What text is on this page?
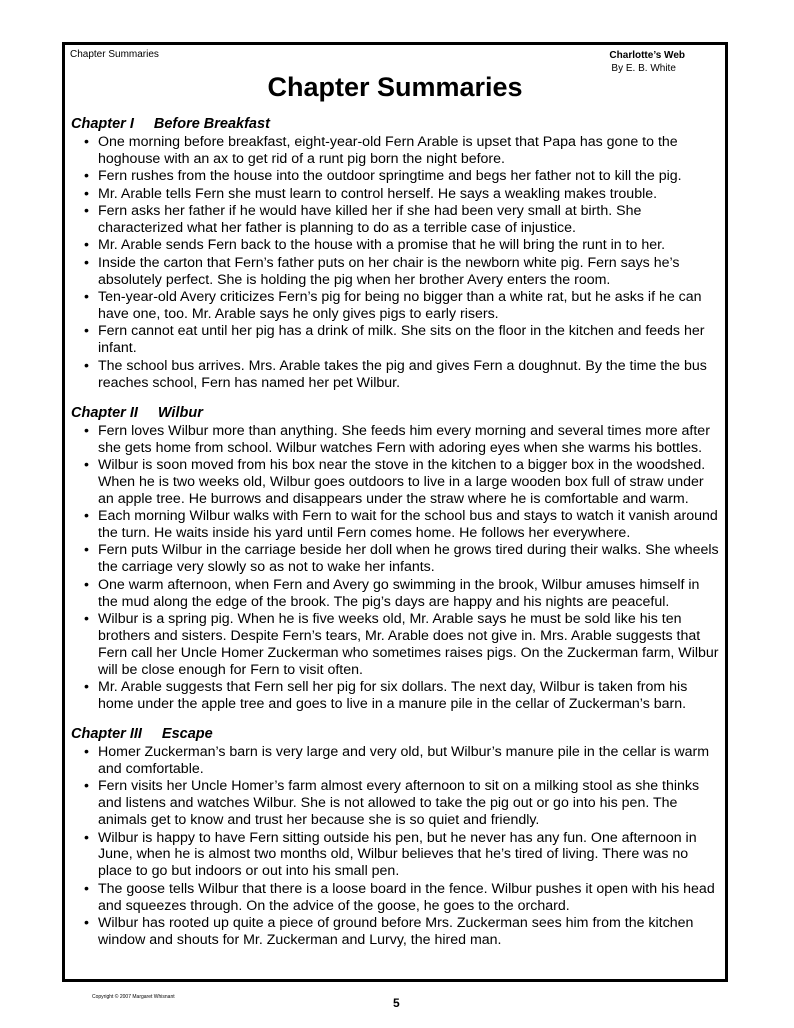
Chapter Summaries	Charlotte’s Web
By E. B. White
Chapter Summaries
Chapter I Before Breakfast
• One morning before breakfast, eight-year-old Fern Arable is upset that Papa has gone to the hoghouse with an ax to get rid of a runt pig born the night before.
• Fern rushes from the house into the outdoor springtime and begs her father not to kill the pig.
• Mr. Arable tells Fern she must learn to control herself. He says a weakling makes trouble.
• Fern asks her father if he would have killed her if she had been very small at birth. She characterized what her father is planning to do as a terrible case of injustice.
• Mr. Arable sends Fern back to the house with a promise that he will bring the runt in to her.
• Inside the carton that Fern’s father puts on her chair is the newborn white pig. Fern says he’s absolutely perfect. She is holding the pig when her brother Avery enters the room.
• Ten-year-old Avery criticizes Fern’s pig for being no bigger than a white rat, but he asks if he can have one, too. Mr. Arable says he only gives pigs to early risers.
• Fern cannot eat until her pig has a drink of milk. She sits on the floor in the kitchen and feeds her infant.
• The school bus arrives. Mrs. Arable takes the pig and gives Fern a doughnut. By the time the bus reaches school, Fern has named her pet Wilbur.
Chapter II Wilbur
• Fern loves Wilbur more than anything. She feeds him every morning and several times more after she gets home from school. Wilbur watches Fern with adoring eyes when she warms his bottles.
• Wilbur is soon moved from his box near the stove in the kitchen to a bigger box in the woodshed. When he is two weeks old, Wilbur goes outdoors to live in a large wooden box full of straw under an apple tree. He burrows and disappears under the straw where he is comfortable and warm.
• Each morning Wilbur walks with Fern to wait for the school bus and stays to watch it vanish around the turn. He waits inside his yard until Fern comes home. He follows her everywhere.
• Fern puts Wilbur in the carriage beside her doll when he grows tired during their walks. She wheels the carriage very slowly so as not to wake her infants.
• One warm afternoon, when Fern and Avery go swimming in the brook, Wilbur amuses himself in the mud along the edge of the brook. The pig’s days are happy and his nights are peaceful.
• Wilbur is a spring pig. When he is five weeks old, Mr. Arable says he must be sold like his ten brothers and sisters. Despite Fern’s tears, Mr. Arable does not give in. Mrs. Arable suggests that Fern call her Uncle Homer Zuckerman who sometimes raises pigs. On the Zuckerman farm, Wilbur will be close enough for Fern to visit often.
• Mr. Arable suggests that Fern sell her pig for six dollars. The next day, Wilbur is taken from his home under the apple tree and goes to live in a manure pile in the cellar of Zuckerman’s barn.
Chapter III Escape
• Homer Zuckerman’s barn is very large and very old, but Wilbur’s manure pile in the cellar is warm and comfortable.
• Fern visits her Uncle Homer’s farm almost every afternoon to sit on a milking stool as she thinks and listens and watches Wilbur. She is not allowed to take the pig out or go into his pen. The animals get to know and trust her because she is so quiet and friendly.
• Wilbur is happy to have Fern sitting outside his pen, but he never has any fun. One afternoon in June, when he is almost two months old, Wilbur believes that he’s tired of living. There was no place to go but indoors or out into his small pen.
• The goose tells Wilbur that there is a loose board in the fence. Wilbur pushes it open with his head and squeezes through. On the advice of the goose, he goes to the orchard.
• Wilbur has rooted up quite a piece of ground before Mrs. Zuckerman sees him from the kitchen window and shouts for Mr. Zuckerman and Lurvy, the hired man.
Copyright © 2007 Margaret Whisnant	5
